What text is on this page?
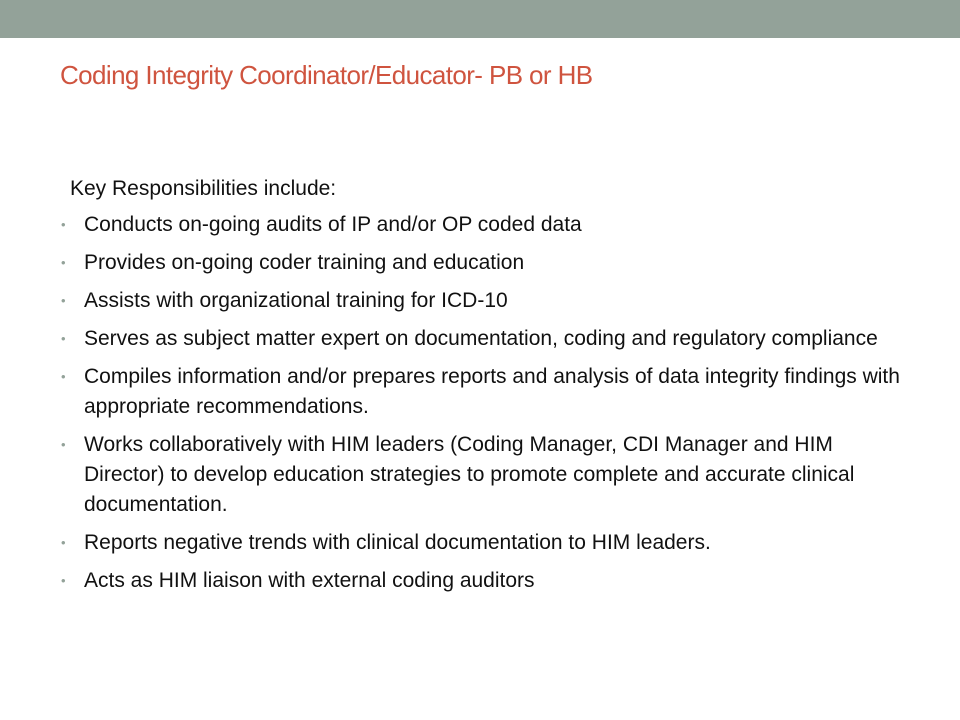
Coding Integrity Coordinator/Educator- PB or HB
Key Responsibilities include:
• Conducts on-going audits of IP and/or OP coded data
• Provides on-going coder training and education
• Assists with organizational training for ICD-10
• Serves as subject matter expert on documentation, coding and regulatory compliance
• Compiles information and/or prepares reports and analysis of data integrity findings with appropriate recommendations.
• Works collaboratively with HIM leaders (Coding Manager, CDI Manager and HIM Director) to develop education strategies to promote complete and accurate clinical documentation.
• Reports negative trends with clinical documentation to HIM leaders.
• Acts as HIM liaison with external coding auditors
